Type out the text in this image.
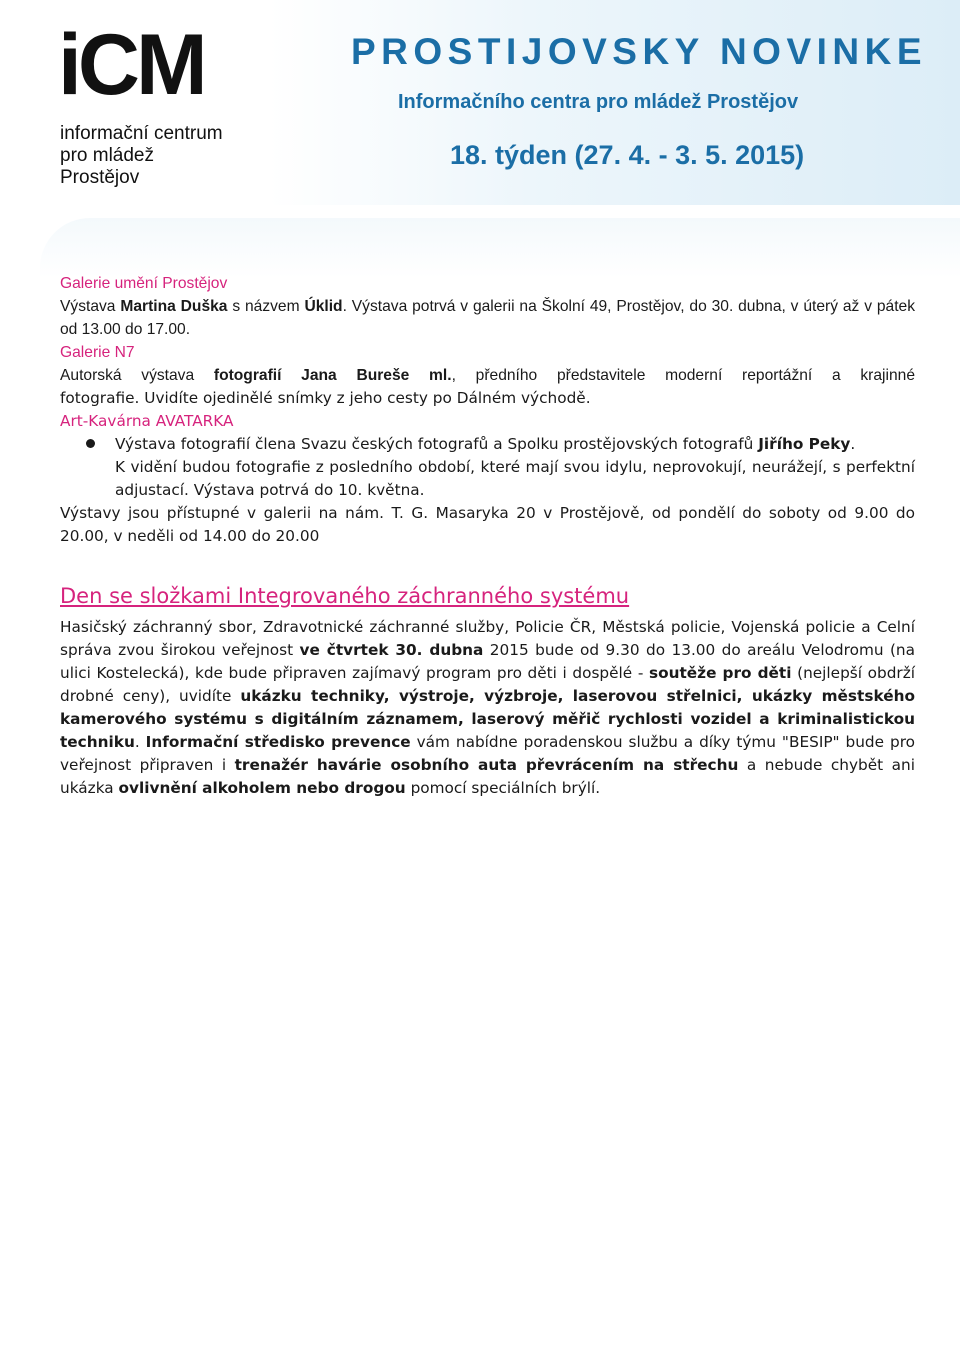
iCM
informační centrum
pro mládež
Prostějov
PROSTIJOVSKY NOVINKE
Informačního centra pro mládež Prostějov
18. týden (27. 4. - 3. 5. 2015)

Galerie umění Prostějov

Výstava Martina Duška s názvem Úklid. Výstava potrvá v galerii na Školní 49, Prostějov, do 30. dubna, v úterý až v pátek od 13.00 do 17.00.

Galerie N7

Autorská výstava fotografií Jana Bureše ml., předního představitele moderní reportážní a krajinné

fotografie. Uvidíte ojedinělé snímky z jeho cesty po Dálném východě.

Art-Kavárna AVATARKA

Výstava fotografií člena Svazu českých fotografů a Spolku prostějovských fotografů Jiřího Peky.
K vidění budou fotografie z posledního období, které mají svou idylu, neprovokují, neurážejí, s perfektní adjustací. Výstava potrvá do 10. května.

Výstavy jsou přístupné v galerii na nám. T. G. Masaryka 20 v Prostějově, od pondělí do soboty od 9.00 do 20.00, v neděli od 14.00 do 20.00

Den se složkami Integrovaného záchranného systému

Hasičský záchranný sbor, Zdravotnické záchranné služby, Policie ČR, Městská policie, Vojenská policie a Celní správa zvou širokou veřejnost ve čtvrtek 30. dubna 2015 bude od 9.30 do 13.00 do areálu Velodromu (na ulici Kostelecká), kde bude připraven zajímavý program pro děti i dospělé - soutěže pro děti (nejlepší obdrží drobné ceny), uvidíte ukázku techniky, výstroje, výzbroje, laserovou střelnici, ukázky městského kamerového systému s digitálním záznamem, laserový měřič rychlosti vozidel a kriminalistickou techniku. Informační středisko prevence vám nabídne poradenskou službu a díky týmu "BESIP" bude pro veřejnost připraven i trenažér havárie osobního auta převrácením na střechu a nebude chybět ani ukázka ovlivnění alkoholem nebo drogou pomocí speciálních brýlí.
